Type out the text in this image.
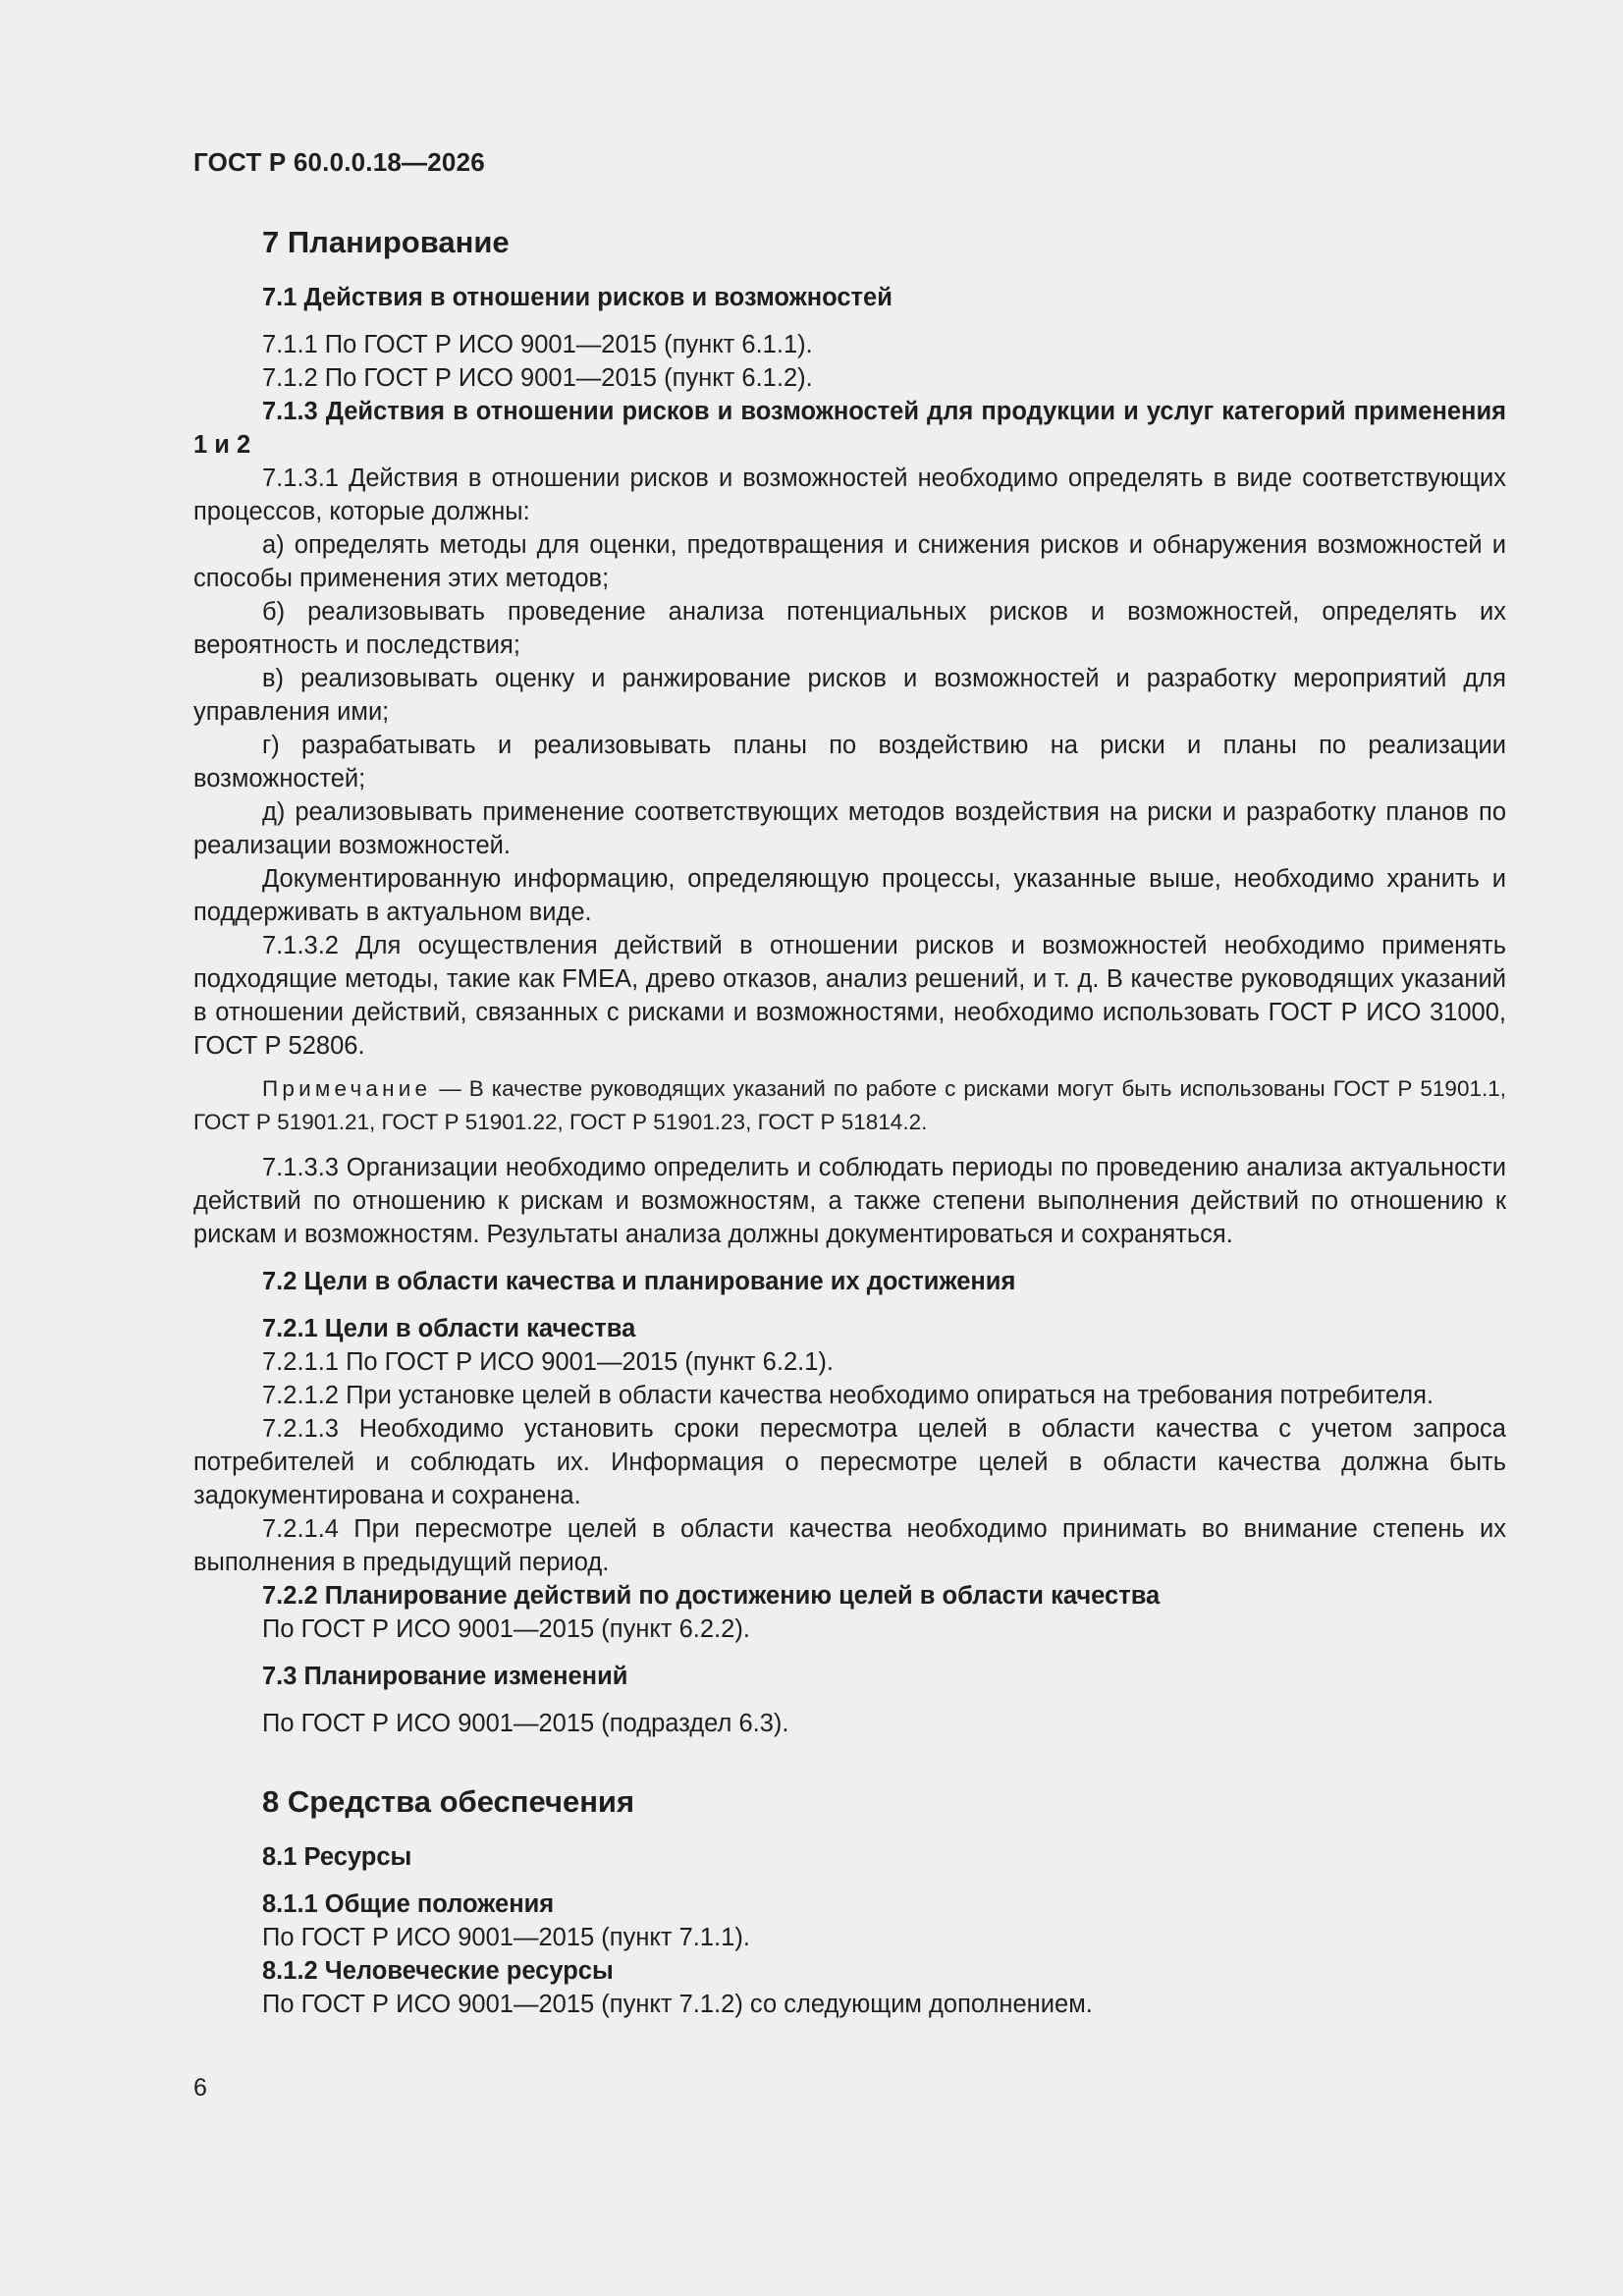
ГОСТ Р 60.0.0.18—2026

7 Планирование

7.1 Действия в отношении рисков и возможностей

7.1.1 По ГОСТ Р ИСО 9001—2015 (пункт 6.1.1).

7.1.2 По ГОСТ Р ИСО 9001—2015 (пункт 6.1.2).

7.1.3 Действия в отношении рисков и возможностей для продукции и услуг категорий применения 1 и 2

7.1.3.1 Действия в отношении рисков и возможностей необходимо определять в виде соответствующих процессов, которые должны:

а) определять методы для оценки, предотвращения и снижения рисков и обнаружения возможностей и способы применения этих методов;

б) реализовывать проведение анализа потенциальных рисков и возможностей, определять их вероятность и последствия;

в) реализовывать оценку и ранжирование рисков и возможностей и разработку мероприятий для управления ими;

г) разрабатывать и реализовывать планы по воздействию на риски и планы по реализации возможностей;

д) реализовывать применение соответствующих методов воздействия на риски и разработку планов по реализации возможностей.

Документированную информацию, определяющую процессы, указанные выше, необходимо хранить и поддерживать в актуальном виде.

7.1.3.2 Для осуществления действий в отношении рисков и возможностей необходимо применять подходящие методы, такие как FMEA, древо отказов, анализ решений, и т. д. В качестве руководящих указаний в отношении действий, связанных с рисками и возможностями, необходимо использовать ГОСТ Р ИСО 31000, ГОСТ Р 52806.

Примечание — В качестве руководящих указаний по работе с рисками могут быть использованы ГОСТ Р 51901.1, ГОСТ Р 51901.21, ГОСТ Р 51901.22, ГОСТ Р 51901.23, ГОСТ Р 51814.2.

7.1.3.3 Организации необходимо определить и соблюдать периоды по проведению анализа актуальности действий по отношению к рискам и возможностям, а также степени выполнения действий по отношению к рискам и возможностям. Результаты анализа должны документироваться и сохраняться.

7.2 Цели в области качества и планирование их достижения

7.2.1 Цели в области качества

7.2.1.1 По ГОСТ Р ИСО 9001—2015 (пункт 6.2.1).

7.2.1.2 При установке целей в области качества необходимо опираться на требования потребителя.

7.2.1.3 Необходимо установить сроки пересмотра целей в области качества с учетом запроса потребителей и соблюдать их. Информация о пересмотре целей в области качества должна быть задокументирована и сохранена.

7.2.1.4 При пересмотре целей в области качества необходимо принимать во внимание степень их выполнения в предыдущий период.

7.2.2 Планирование действий по достижению целей в области качества

По ГОСТ Р ИСО 9001—2015 (пункт 6.2.2).

7.3 Планирование изменений

По ГОСТ Р ИСО 9001—2015 (подраздел 6.3).

8 Средства обеспечения

8.1 Ресурсы

8.1.1 Общие положения

По ГОСТ Р ИСО 9001—2015 (пункт 7.1.1).

8.1.2 Человеческие ресурсы

По ГОСТ Р ИСО 9001—2015 (пункт 7.1.2) со следующим дополнением.

6
